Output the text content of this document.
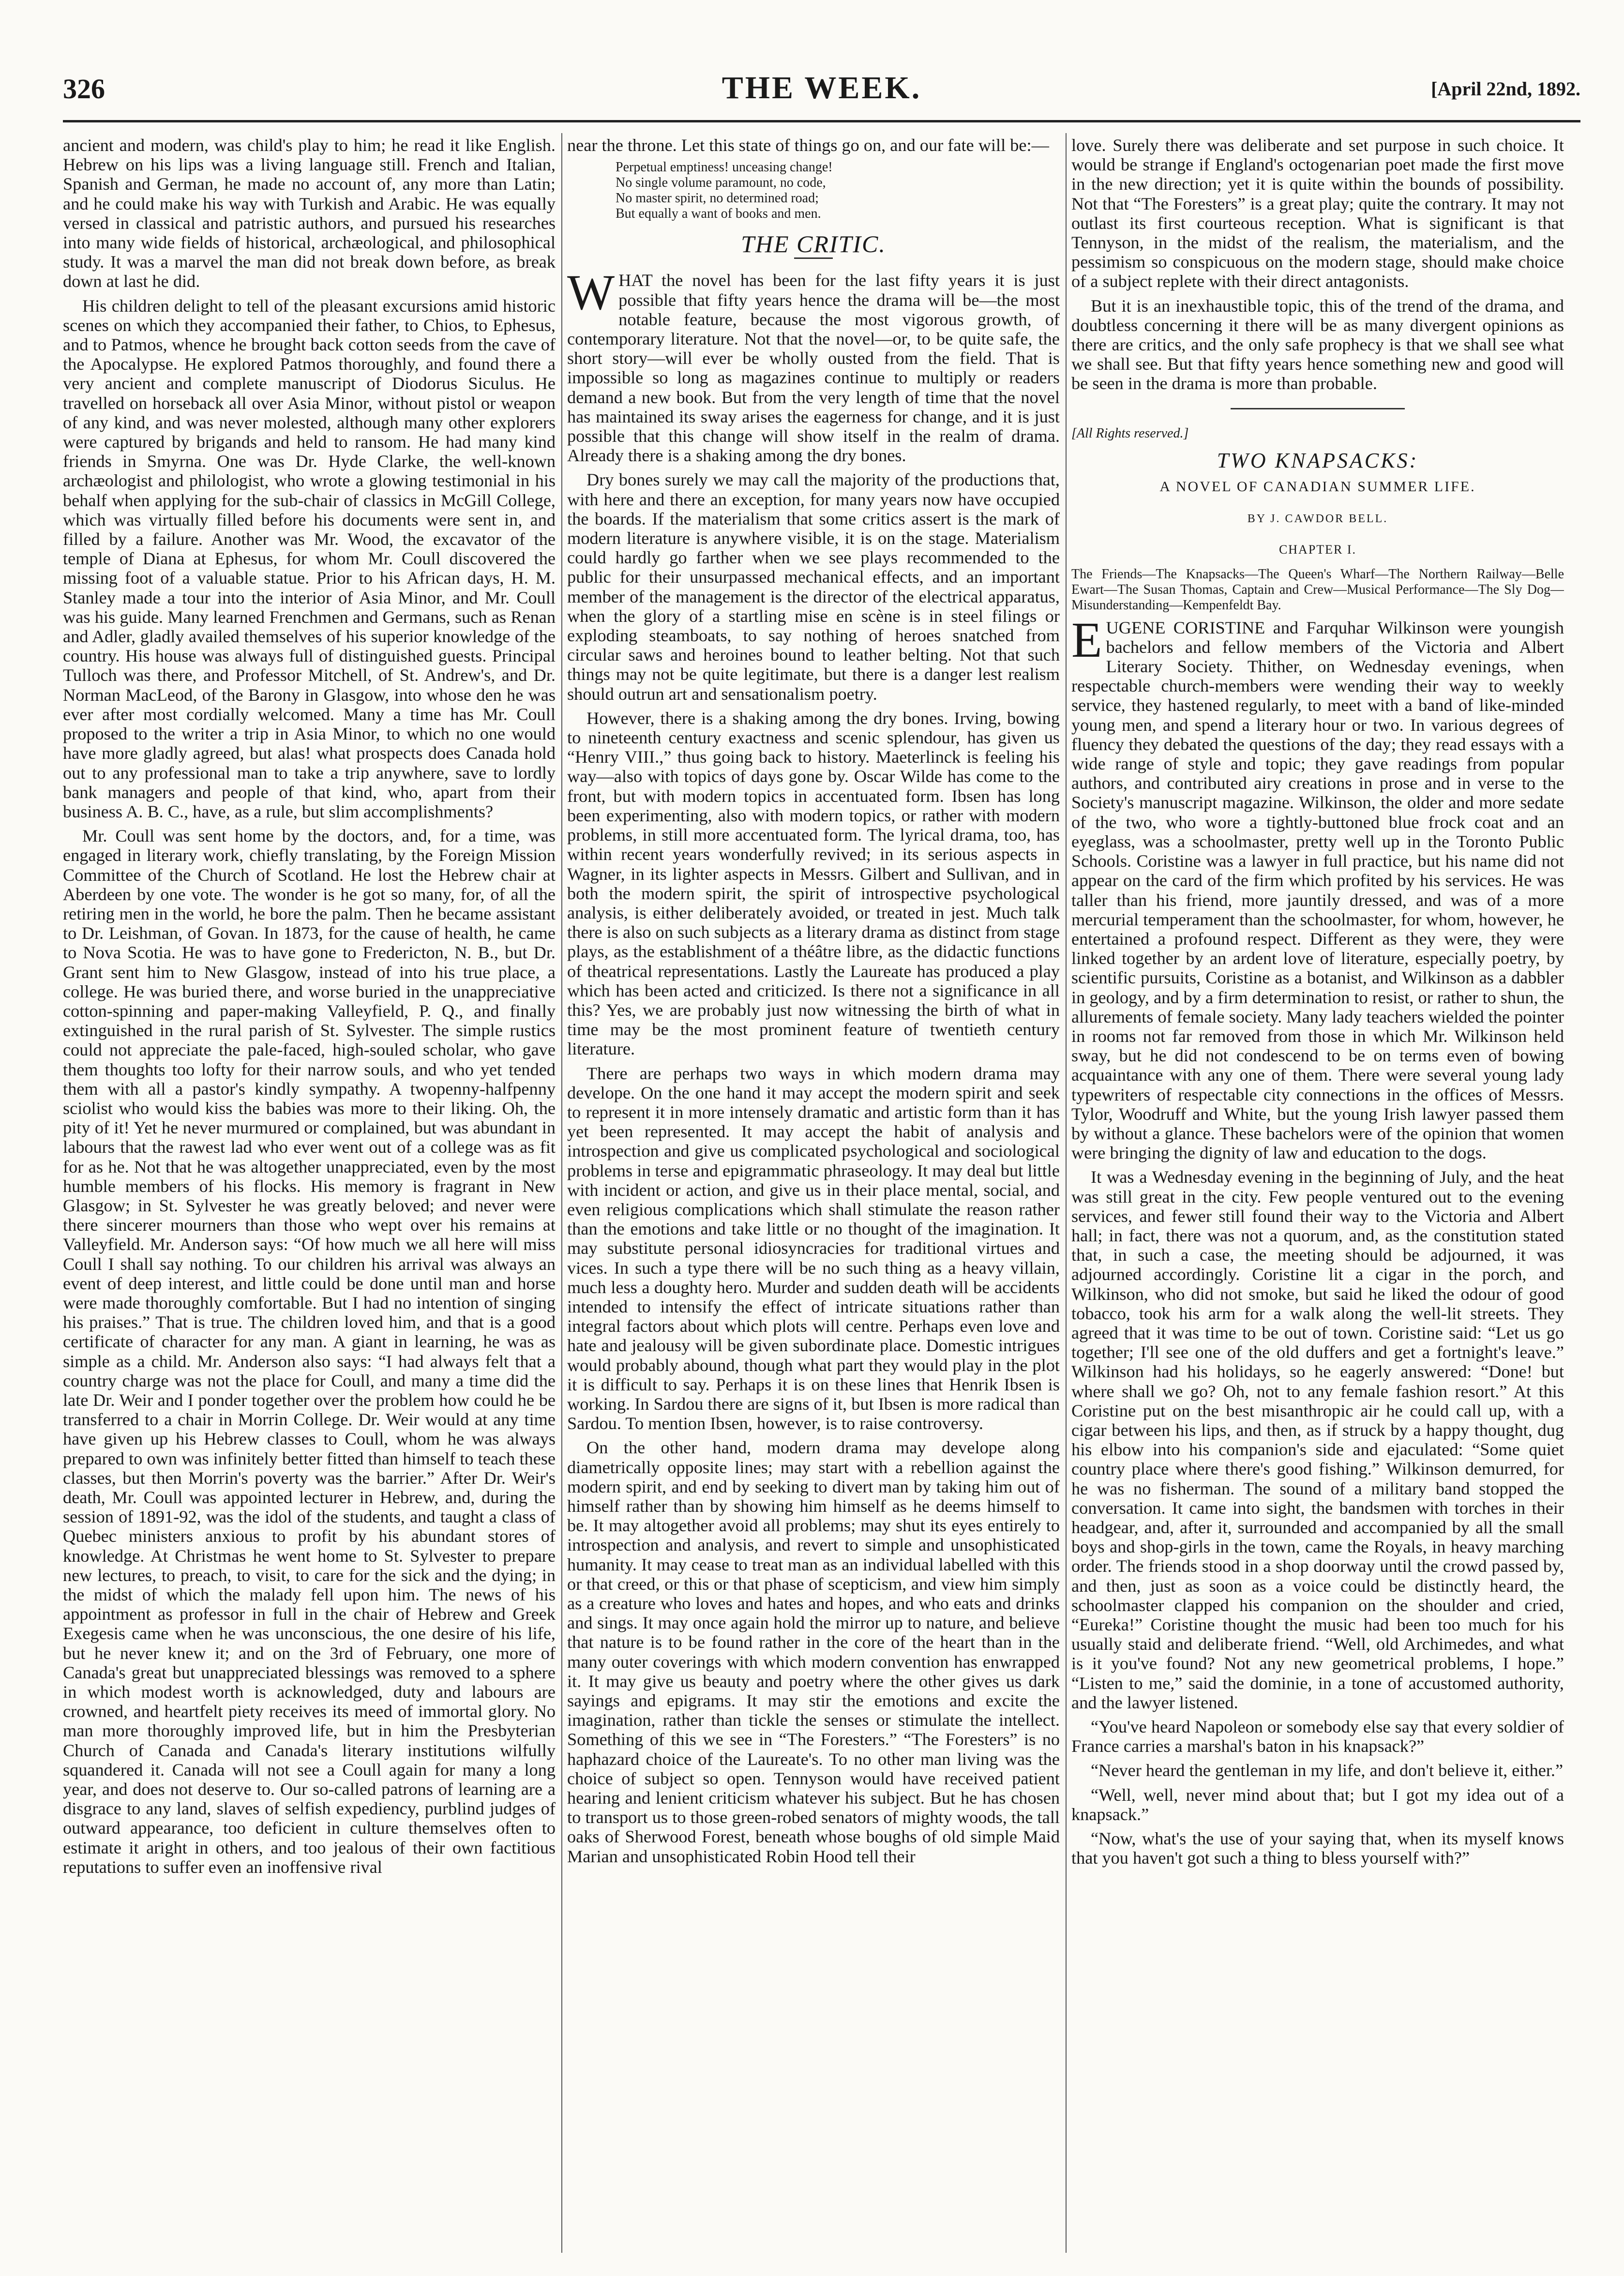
326	THE WEEK.	[April 22nd, 1892.

ancient and modern, was child's play to him; he read it like English. Hebrew on his lips was a living language still. French and Italian, Spanish and German, he made no account of, any more than Latin; and he could make his way with Turkish and Arabic. He was equally versed in classical and patristic authors, and pursued his researches into many wide fields of historical, archæological, and philosophical study. It was a marvel the man did not break down before, as break down at last he did.

His children delight to tell of the pleasant excursions amid historic scenes on which they accompanied their father, to Chios, to Ephesus, and to Patmos, whence he brought back cotton seeds from the cave of the Apocalypse. He explored Patmos thoroughly, and found there a very ancient and complete manuscript of Diodorus Siculus. He travelled on horseback all over Asia Minor, without pistol or weapon of any kind, and was never molested, although many other explorers were captured by brigands and held to ransom. He had many kind friends in Smyrna. One was Dr. Hyde Clarke, the well-known archæologist and philologist, who wrote a glowing testimonial in his behalf when applying for the sub-chair of classics in McGill College, which was virtually filled before his documents were sent in, and filled by a failure. Another was Mr. Wood, the excavator of the temple of Diana at Ephesus, for whom Mr. Coull discovered the missing foot of a valuable statue. Prior to his African days, H. M. Stanley made a tour into the interior of Asia Minor, and Mr. Coull was his guide. Many learned Frenchmen and Germans, such as Renan and Adler, gladly availed themselves of his superior knowledge of the country. His house was always full of distinguished guests. Principal Tulloch was there, and Professor Mitchell, of St. Andrew's, and Dr. Norman MacLeod, of the Barony in Glasgow, into whose den he was ever after most cordially welcomed. Many a time has Mr. Coull proposed to the writer a trip in Asia Minor, to which no one would have more gladly agreed, but alas! what prospects does Canada hold out to any professional man to take a trip anywhere, save to lordly bank managers and people of that kind, who, apart from their business A. B. C., have, as a rule, but slim accomplishments?

Mr. Coull was sent home by the doctors, and, for a time, was engaged in literary work, chiefly translating, by the Foreign Mission Committee of the Church of Scotland. He lost the Hebrew chair at Aberdeen by one vote. The wonder is he got so many, for, of all the retiring men in the world, he bore the palm. Then he became assistant to Dr. Leishman, of Govan. In 1873, for the cause of health, he came to Nova Scotia. He was to have gone to Fredericton, N. B., but Dr. Grant sent him to New Glasgow, instead of into his true place, a college. He was buried there, and worse buried in the unappreciative cotton-spinning and paper-making Valleyfield, P. Q., and finally extinguished in the rural parish of St. Sylvester. The simple rustics could not appreciate the pale-faced, high-souled scholar, who gave them thoughts too lofty for their narrow souls, and who yet tended them with all a pastor's kindly sympathy. A twopenny-halfpenny sciolist who would kiss the babies was more to their liking. Oh, the pity of it! Yet he never murmured or complained, but was abundant in labours that the rawest lad who ever went out of a college was as fit for as he. Not that he was altogether unappreciated, even by the most humble members of his flocks. His memory is fragrant in New Glasgow; in St. Sylvester he was greatly beloved; and never were there sincerer mourners than those who wept over his remains at Valleyfield. Mr. Anderson says: “Of how much we all here will miss Coull I shall say nothing. To our children his arrival was always an event of deep interest, and little could be done until man and horse were made thoroughly comfortable. But I had no intention of singing his praises.” That is true. The children loved him, and that is a good certificate of character for any man. A giant in learning, he was as simple as a child. Mr. Anderson also says: “I had always felt that a country charge was not the place for Coull, and many a time did the late Dr. Weir and I ponder together over the problem how could he be transferred to a chair in Morrin College. Dr. Weir would at any time have given up his Hebrew classes to Coull, whom he was always prepared to own was infinitely better fitted than himself to teach these classes, but then Morrin's poverty was the barrier.” After Dr. Weir's death, Mr. Coull was appointed lecturer in Hebrew, and, during the session of 1891-92, was the idol of the students, and taught a class of Quebec ministers anxious to profit by his abundant stores of knowledge. At Christmas he went home to St. Sylvester to prepare new lectures, to preach, to visit, to care for the sick and the dying; in the midst of which the malady fell upon him. The news of his appointment as professor in full in the chair of Hebrew and Greek Exegesis came when he was unconscious, the one desire of his life, but he never knew it; and on the 3rd of February, one more of Canada's great but unappreciated blessings was removed to a sphere in which modest worth is acknowledged, duty and labours are crowned, and heartfelt piety receives its meed of immortal glory. No man more thoroughly improved life, but in him the Presbyterian Church of Canada and Canada's literary institutions wilfully squandered it. Canada will not see a Coull again for many a long year, and does not deserve to. Our so-called patrons of learning are a disgrace to any land, slaves of selfish expediency, purblind judges of outward appearance, too deficient in culture themselves often to estimate it aright in others, and too jealous of their own factitious reputations to suffer even an inoffensive rival

near the throne. Let this state of things go on, and our fate will be:—

Perpetual emptiness! unceasing change!
No single volume paramount, no code,
No master spirit, no determined road;
But equally a want of books and men.
THE CRITIC.

WHAT the novel has been for the last fifty years it is just possible that fifty years hence the drama will be—the most notable feature, because the most vigorous growth, of contemporary literature. Not that the novel—or, to be quite safe, the short story—will ever be wholly ousted from the field. That is impossible so long as magazines continue to multiply or readers demand a new book. But from the very length of time that the novel has maintained its sway arises the eagerness for change, and it is just possible that this change will show itself in the realm of drama. Already there is a shaking among the dry bones.

Dry bones surely we may call the majority of the productions that, with here and there an exception, for many years now have occupied the boards. If the materialism that some critics assert is the mark of modern literature is anywhere visible, it is on the stage. Materialism could hardly go farther when we see plays recommended to the public for their unsurpassed mechanical effects, and an important member of the management is the director of the electrical apparatus, when the glory of a startling mise en scène is in steel filings or exploding steamboats, to say nothing of heroes snatched from circular saws and heroines bound to leather belting. Not that such things may not be quite legitimate, but there is a danger lest realism should outrun art and sensationalism poetry.

However, there is a shaking among the dry bones. Irving, bowing to nineteenth century exactness and scenic splendour, has given us “Henry VIII.,” thus going back to history. Maeterlinck is feeling his way—also with topics of days gone by. Oscar Wilde has come to the front, but with modern topics in accentuated form. Ibsen has long been experimenting, also with modern topics, or rather with modern problems, in still more accentuated form. The lyrical drama, too, has within recent years wonderfully revived; in its serious aspects in Wagner, in its lighter aspects in Messrs. Gilbert and Sullivan, and in both the modern spirit, the spirit of introspective psychological analysis, is either deliberately avoided, or treated in jest. Much talk there is also on such subjects as a literary drama as distinct from stage plays, as the establishment of a théâtre libre, as the didactic functions of theatrical representations. Lastly the Laureate has produced a play which has been acted and criticized. Is there not a significance in all this? Yes, we are probably just now witnessing the birth of what in time may be the most prominent feature of twentieth century literature.

There are perhaps two ways in which modern drama may develope. On the one hand it may accept the modern spirit and seek to represent it in more intensely dramatic and artistic form than it has yet been represented. It may accept the habit of analysis and introspection and give us complicated psychological and sociological problems in terse and epigrammatic phraseology. It may deal but little with incident or action, and give us in their place mental, social, and even religious complications which shall stimulate the reason rather than the emotions and take little or no thought of the imagination. It may substitute personal idiosyncracies for traditional virtues and vices. In such a type there will be no such thing as a heavy villain, much less a doughty hero. Murder and sudden death will be accidents intended to intensify the effect of intricate situations rather than integral factors about which plots will centre. Perhaps even love and hate and jealousy will be given subordinate place. Domestic intrigues would probably abound, though what part they would play in the plot it is difficult to say. Perhaps it is on these lines that Henrik Ibsen is working. In Sardou there are signs of it, but Ibsen is more radical than Sardou. To mention Ibsen, however, is to raise controversy.

On the other hand, modern drama may develope along diametrically opposite lines; may start with a rebellion against the modern spirit, and end by seeking to divert man by taking him out of himself rather than by showing him himself as he deems himself to be. It may altogether avoid all problems; may shut its eyes entirely to introspection and analysis, and revert to simple and unsophisticated humanity. It may cease to treat man as an individual labelled with this or that creed, or this or that phase of scepticism, and view him simply as a creature who loves and hates and hopes, and who eats and drinks and sings. It may once again hold the mirror up to nature, and believe that nature is to be found rather in the core of the heart than in the many outer coverings with which modern convention has enwrapped it. It may give us beauty and poetry where the other gives us dark sayings and epigrams. It may stir the emotions and excite the imagination, rather than tickle the senses or stimulate the intellect. Something of this we see in “The Foresters.” “The Foresters” is no haphazard choice of the Laureate's. To no other man living was the choice of subject so open. Tennyson would have received patient hearing and lenient criticism whatever his subject. But he has chosen to transport us to those green-robed senators of mighty woods, the tall oaks of Sherwood Forest, beneath whose boughs of old simple Maid Marian and unsophisticated Robin Hood tell their

love. Surely there was deliberate and set purpose in such choice. It would be strange if England's octogenarian poet made the first move in the new direction; yet it is quite within the bounds of possibility. Not that “The Foresters” is a great play; quite the contrary. It may not outlast its first courteous reception. What is significant is that Tennyson, in the midst of the realism, the materialism, and the pessimism so conspicuous on the modern stage, should make choice of a subject replete with their direct antagonists.

But it is an inexhaustible topic, this of the trend of the drama, and doubtless concerning it there will be as many divergent opinions as there are critics, and the only safe prophecy is that we shall see what we shall see. But that fifty years hence something new and good will be seen in the drama is more than probable.

[All Rights reserved.]
TWO KNAPSACKS:
A NOVEL OF CANADIAN SUMMER LIFE.
BY J. CAWDOR BELL.
CHAPTER I.

The Friends—The Knapsacks—The Queen's Wharf—The Northern Railway—Belle Ewart—The Susan Thomas, Captain and Crew—Musical Performance—The Sly Dog—Misunderstanding—Kempenfeldt Bay.

EUGENE CORISTINE and Farquhar Wilkinson were youngish bachelors and fellow members of the Victoria and Albert Literary Society. Thither, on Wednesday evenings, when respectable church-members were wending their way to weekly service, they hastened regularly, to meet with a band of like-minded young men, and spend a literary hour or two. In various degrees of fluency they debated the questions of the day; they read essays with a wide range of style and topic; they gave readings from popular authors, and contributed airy creations in prose and in verse to the Society's manuscript magazine. Wilkinson, the older and more sedate of the two, who wore a tightly-buttoned blue frock coat and an eyeglass, was a schoolmaster, pretty well up in the Toronto Public Schools. Coristine was a lawyer in full practice, but his name did not appear on the card of the firm which profited by his services. He was taller than his friend, more jauntily dressed, and was of a more mercurial temperament than the schoolmaster, for whom, however, he entertained a profound respect. Different as they were, they were linked together by an ardent love of literature, especially poetry, by scientific pursuits, Coristine as a botanist, and Wilkinson as a dabbler in geology, and by a firm determination to resist, or rather to shun, the allurements of female society. Many lady teachers wielded the pointer in rooms not far removed from those in which Mr. Wilkinson held sway, but he did not condescend to be on terms even of bowing acquaintance with any one of them. There were several young lady typewriters of respectable city connections in the offices of Messrs. Tylor, Woodruff and White, but the young Irish lawyer passed them by without a glance. These bachelors were of the opinion that women were bringing the dignity of law and education to the dogs.

It was a Wednesday evening in the beginning of July, and the heat was still great in the city. Few people ventured out to the evening services, and fewer still found their way to the Victoria and Albert hall; in fact, there was not a quorum, and, as the constitution stated that, in such a case, the meeting should be adjourned, it was adjourned accordingly. Coristine lit a cigar in the porch, and Wilkinson, who did not smoke, but said he liked the odour of good tobacco, took his arm for a walk along the well-lit streets. They agreed that it was time to be out of town. Coristine said: “Let us go together; I'll see one of the old duffers and get a fortnight's leave.” Wilkinson had his holidays, so he eagerly answered: “Done! but where shall we go? Oh, not to any female fashion resort.” At this Coristine put on the best misanthropic air he could call up, with a cigar between his lips, and then, as if struck by a happy thought, dug his elbow into his companion's side and ejaculated: “Some quiet country place where there's good fishing.” Wilkinson demurred, for he was no fisherman. The sound of a military band stopped the conversation. It came into sight, the bandsmen with torches in their headgear, and, after it, surrounded and accompanied by all the small boys and shop-girls in the town, came the Royals, in heavy marching order. The friends stood in a shop doorway until the crowd passed by, and then, just as soon as a voice could be distinctly heard, the schoolmaster clapped his companion on the shoulder and cried, “Eureka!” Coristine thought the music had been too much for his usually staid and deliberate friend. “Well, old Archimedes, and what is it you've found? Not any new geometrical problems, I hope.” “Listen to me,” said the dominie, in a tone of accustomed authority, and the lawyer listened.

“You've heard Napoleon or somebody else say that every soldier of France carries a marshal's baton in his knapsack?”

“Never heard the gentleman in my life, and don't believe it, either.”

“Well, well, never mind about that; but I got my idea out of a knapsack.”

“Now, what's the use of your saying that, when its myself knows that you haven't got such a thing to bless yourself with?”
